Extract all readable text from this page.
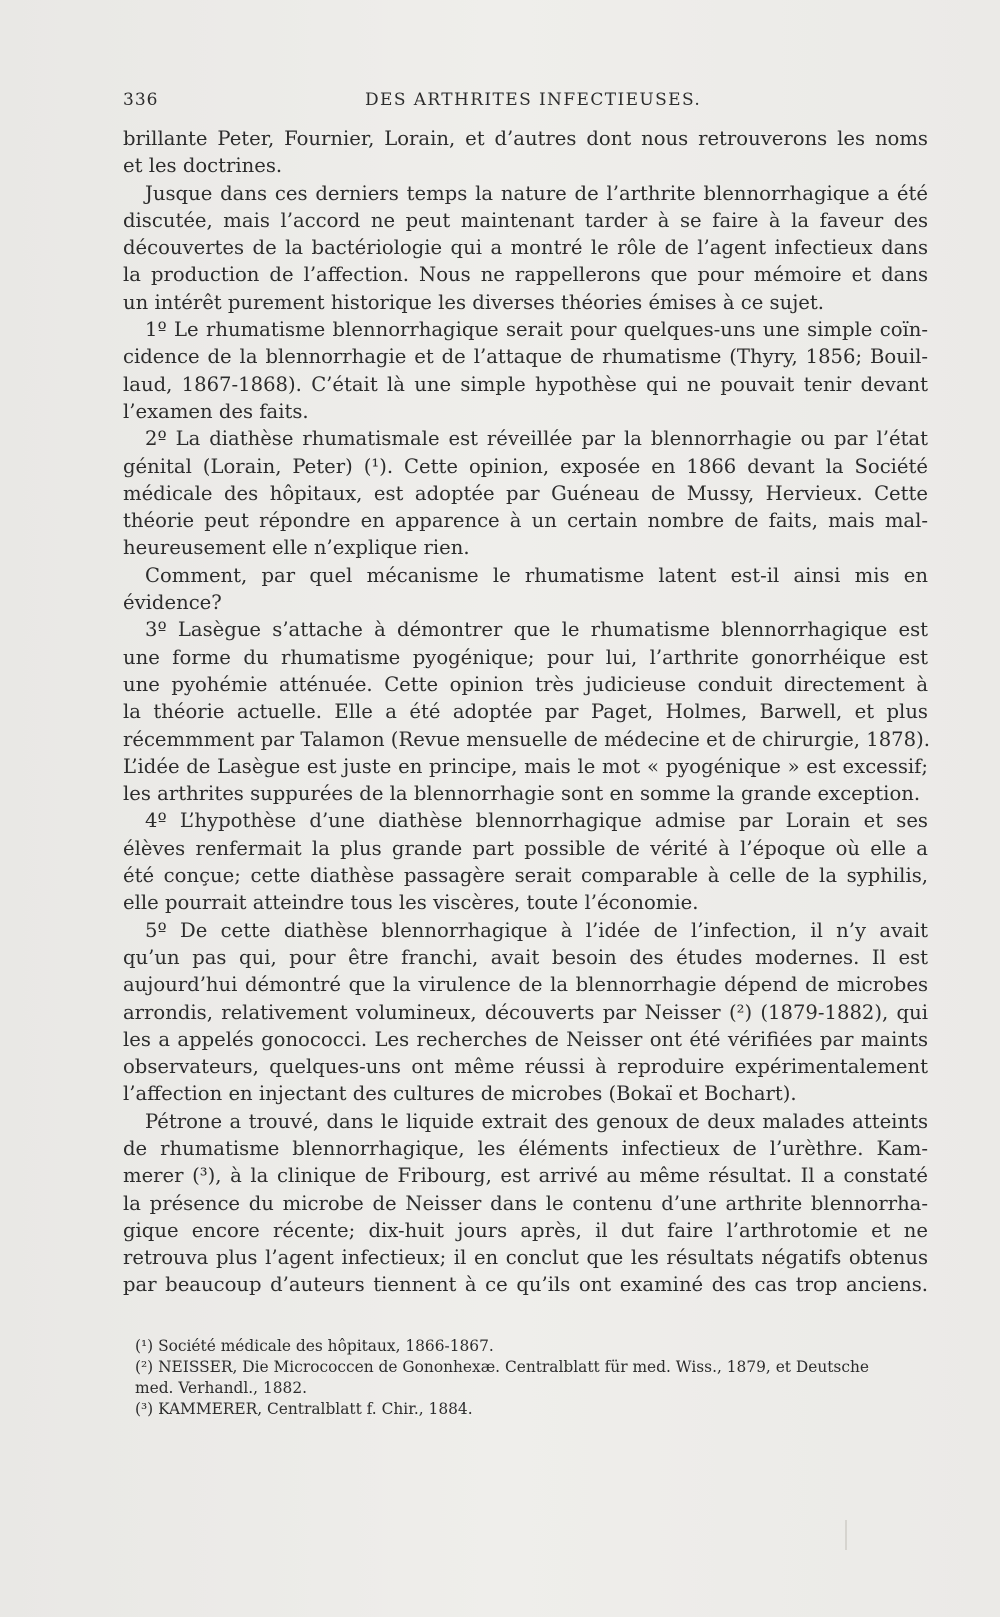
336	DES ARTHRITES INFECTIEUSES.
brillante Peter, Fournier, Lorain, et d’autres dont nous retrouverons les noms
et les doctrines.
Jusque dans ces derniers temps la nature de l’arthrite blennorrhagique a été
discutée, mais l’accord ne peut maintenant tarder à se faire à la faveur des
découvertes de la bactériologie qui a montré le rôle de l’agent infectieux dans
la production de l’affection. Nous ne rappellerons que pour mémoire et dans
un intérêt purement historique les diverses théories émises à ce sujet.
1º Le rhumatisme blennorrhagique serait pour quelques-uns une simple coïn-
cidence de la blennorrhagie et de l’attaque de rhumatisme (Thyry, 1856; Bouil-
laud, 1867-1868). C’était là une simple hypothèse qui ne pouvait tenir devant
l’examen des faits.
2º La diathèse rhumatismale est réveillée par la blennorrhagie ou par l’état
génital (Lorain, Peter) (¹). Cette opinion, exposée en 1866 devant la Société
médicale des hôpitaux, est adoptée par Guéneau de Mussy, Hervieux. Cette
théorie peut répondre en apparence à un certain nombre de faits, mais mal-
heureusement elle n’explique rien.
Comment, par quel mécanisme le rhumatisme latent est-il ainsi mis en
évidence?
3º Lasègue s’attache à démontrer que le rhumatisme blennorrhagique est
une forme du rhumatisme pyogénique; pour lui, l’arthrite gonorrhéique est
une pyohémie atténuée. Cette opinion très judicieuse conduit directement à
la théorie actuelle. Elle a été adoptée par Paget, Holmes, Barwell, et plus
récemmment par Talamon (Revue mensuelle de médecine et de chirurgie, 1878).
L’idée de Lasègue est juste en principe, mais le mot « pyogénique » est excessif;
les arthrites suppurées de la blennorrhagie sont en somme la grande exception.
4º L’hypothèse d’une diathèse blennorrhagique admise par Lorain et ses
élèves renfermait la plus grande part possible de vérité à l’époque où elle a
été conçue; cette diathèse passagère serait comparable à celle de la syphilis,
elle pourrait atteindre tous les viscères, toute l’économie.
5º De cette diathèse blennorrhagique à l’idée de l’infection, il n’y avait
qu’un pas qui, pour être franchi, avait besoin des études modernes. Il est
aujourd’hui démontré que la virulence de la blennorrhagie dépend de microbes
arrondis, relativement volumineux, découverts par Neisser (²) (1879-1882), qui
les a appelés gonococci. Les recherches de Neisser ont été vérifiées par maints
observateurs, quelques-uns ont même réussi à reproduire expérimentalement
l’affection en injectant des cultures de microbes (Bokaï et Bochart).
Pétrone a trouvé, dans le liquide extrait des genoux de deux malades atteints
de rhumatisme blennorrhagique, les éléments infectieux de l’urèthre. Kam-
merer (³), à la clinique de Fribourg, est arrivé au même résultat. Il a constaté
la présence du microbe de Neisser dans le contenu d’une arthrite blennorrha-
gique encore récente; dix-huit jours après, il dut faire l’arthrotomie et ne
retrouva plus l’agent infectieux; il en conclut que les résultats négatifs obtenus
par beaucoup d’auteurs tiennent à ce qu’ils ont examiné des cas trop anciens.
(¹) Société médicale des hôpitaux, 1866-1867.
(²) NEISSER, Die Micrococcen de Gononhexæ. Centralblatt für med. Wiss., 1879, et Deutsche
med. Verhandl., 1882.
(³) KAMMERER, Centralblatt f. Chir., 1884.
